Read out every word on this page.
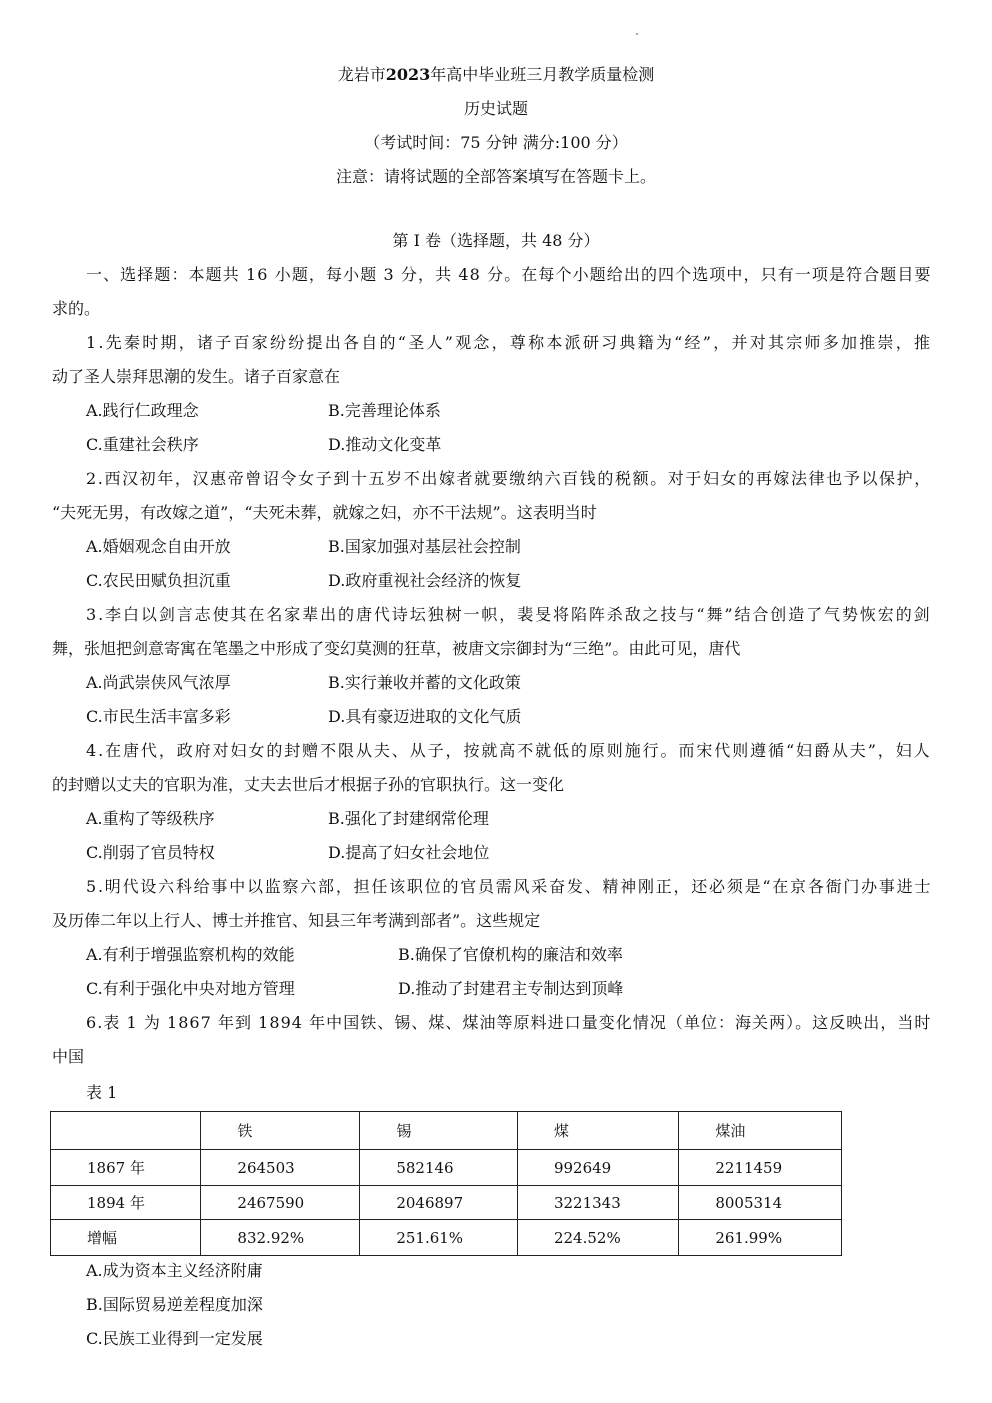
龙岩市2023年高中毕业班三月教学质量检测
历史试题
（考试时间：75 分钟 满分:100 分）
注意：请将试题的全部答案填写在答题卡上。
第 I 卷（选择题，共 48 分）
一、选择题：本题共 16 小题，每小题 3 分，共 48 分。在每个小题给出的四个选项中，只有一项是符合题目要
求的。
1.先秦时期，诸子百家纷纷提出各自的“圣人”观念，尊称本派研习典籍为“经”，并对其宗师多加推崇，推
动了圣人崇拜思潮的发生。诸子百家意在
A.践行仁政理念	B.完善理论体系
C.重建社会秩序	D.推动文化变革
2.西汉初年，汉惠帝曾诏令女子到十五岁不出嫁者就要缴纳六百钱的税额。对于妇女的再嫁法律也予以保护，
“夫死无男，有改嫁之道”，“夫死未葬，就嫁之妇，亦不干法规”。这表明当时
A.婚姻观念自由开放	B.国家加强对基层社会控制
C.农民田赋负担沉重	D.政府重视社会经济的恢复
3.李白以剑言志使其在名家辈出的唐代诗坛独树一帜，裴旻将陷阵杀敌之技与“舞”结合创造了气势恢宏的剑
舞，张旭把剑意寄寓在笔墨之中形成了变幻莫测的狂草，被唐文宗御封为“三绝”。由此可见，唐代
A.尚武崇侠风气浓厚	B.实行兼收并蓄的文化政策
C.市民生活丰富多彩	D.具有豪迈进取的文化气质
4.在唐代，政府对妇女的封赠不限从夫、从子，按就高不就低的原则施行。而宋代则遵循“妇爵从夫”，妇人
的封赠以丈夫的官职为准，丈夫去世后才根据子孙的官职执行。这一变化
A.重构了等级秩序	B.强化了封建纲常伦理
C.削弱了官员特权	D.提高了妇女社会地位
5.明代设六科给事中以监察六部，担任该职位的官员需风采奋发、精神刚正，还必须是“在京各衙门办事进士
及历俸二年以上行人、博士并推官、知县三年考满到部者”。这些规定
A.有利于增强监察机构的效能	B.确保了官僚机构的廉洁和效率
C.有利于强化中央对地方管理	D.推动了封建君主专制达到顶峰
6.表 1 为 1867 年到 1894 年中国铁、锡、煤、煤油等原料进口量变化情况（单位：海关两）。这反映出，当时
中国
表 1
	铁	锡	煤	煤油
1867 年	264503	582146	992649	2211459
1894 年	2467590	2046897	3221343	8005314
增幅	832.92%	251.61%	224.52%	261.99%
A.成为资本主义经济附庸
B.国际贸易逆差程度加深
C.民族工业得到一定发展
